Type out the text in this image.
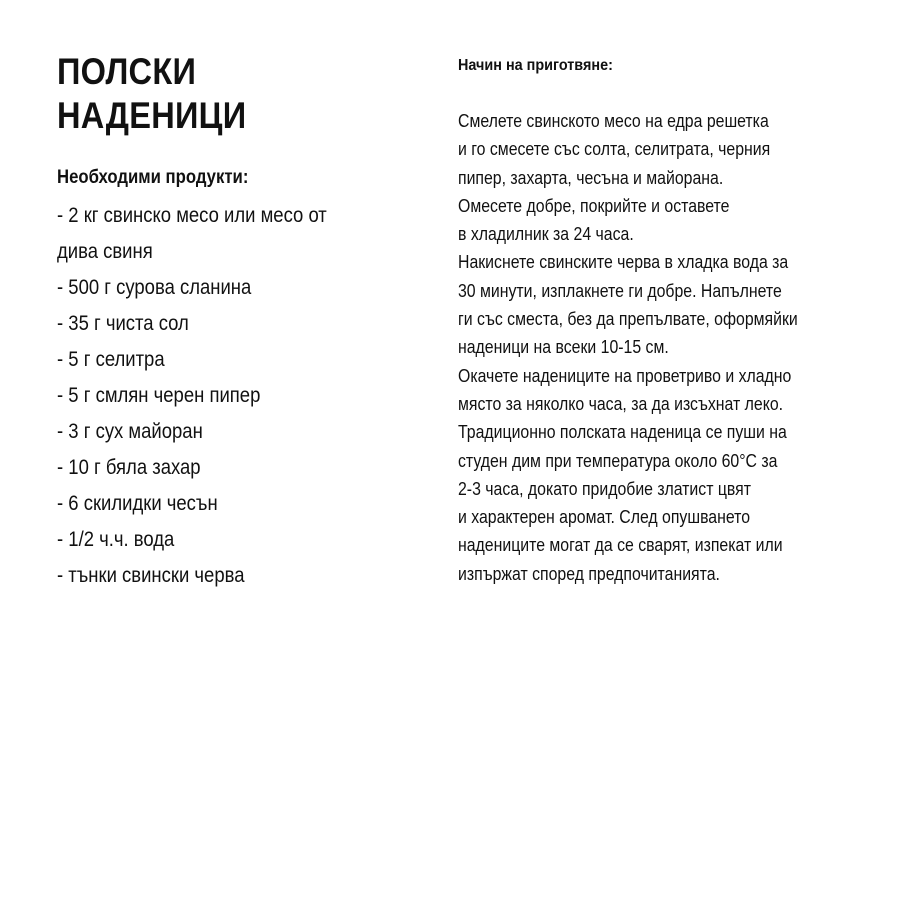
ПОЛСКИ
НАДЕНИЦИ
Необходими продукти:
- 2 кг свинско месо или месо от
дива свиня
- 500 г сурова сланина
- 35 г чиста сол
- 5 г селитра
- 5 г смлян черен пипер
- 3 г сух майоран
- 10 г бяла захар
- 6 скилидки чесън
- 1/2 ч.ч. вода
- тънки свински черва
Начин на приготвяне:
Смелете свинското месо на едра решетка
и го смесете със солта, селитрата, черния
пипер, захарта, чесъна и майорана.
Омесете добре, покрийте и оставете
в хладилник за 24 часа.
Накиснете свинските черва в хладка вода за
30 минути, изплакнете ги добре. Напълнете
ги със сместа, без да препълвате, оформяйки
наденици на всеки 10-15 см.
Окачете надениците на проветриво и хладно
място за няколко часа, за да изсъхнат леко.
Традиционно полската наденица се пуши на
студен дим при температура около 60°C за
2-3 часа, докато придобие златист цвят
и характерен аромат. След опушването
надениците могат да се сварят, изпекат или
изпържат според предпочитанията.
